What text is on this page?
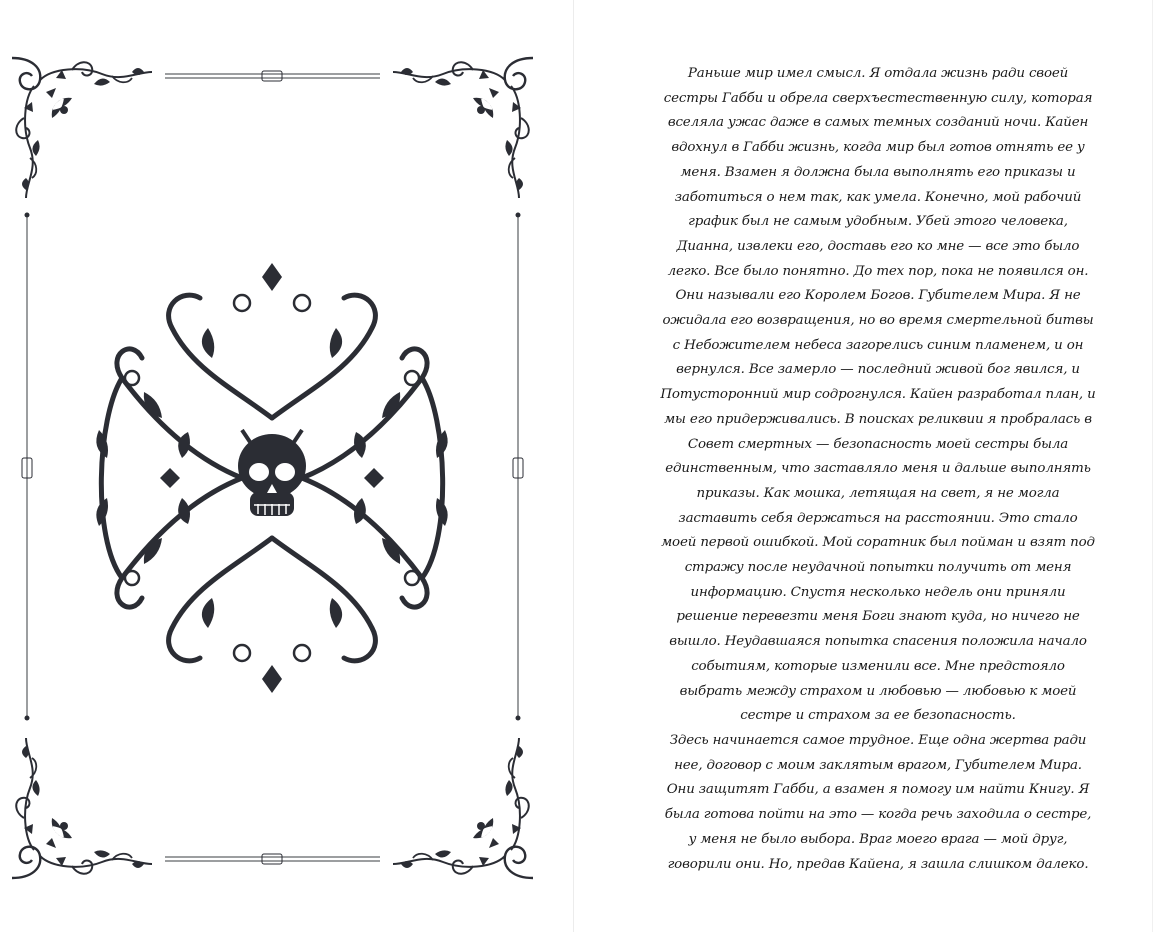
Раньше мир имел смысл. Я отдала жизнь ради своей сестры Габби и обрела сверхъестественную силу, которая вселяла ужас даже в самых темных созданий ночи. Кайен вдохнул в Габби жизнь, когда мир был готов отнять ее у меня. Взамен я должна была выполнять его приказы и заботиться о нем так, как умела. Конечно, мой рабочий график был не самым удобным. Убей этого человека, Дианна, извлеки его, доставь его ко мне — все это было легко. Все было понятно. До тех пор, пока не появился он.

Они называли его Королем Богов. Губителем Мира. Я не ожидала его возвращения, но во время смертельной битвы с Небожителем небеса загорелись синим пламенем, и он вернулся. Все замерло — последний живой бог явился, и Потусторонний мир содрогнулся. Кайен разработал план, и мы его придерживались. В поисках реликвии я пробралась в Совет смертных — безопасность моей сестры была единственным, что заставляло меня и дальше выполнять приказы. Как мошка, летящая на свет, я не могла заставить себя держаться на расстоянии. Это стало моей первой ошибкой. Мой соратник был пойман и взят под стражу после неудачной попытки получить от меня информацию. Спустя несколько недель они приняли решение перевезти меня Боги знают куда, но ничего не вышло. Неудавшаяся попытка спасения положила начало событиям, которые изменили все. Мне предстояло выбрать между страхом и любовью — любовью к моей сестре и страхом за ее безопасность.

Здесь начинается самое трудное. Еще одна жертва ради нее, договор с моим заклятым врагом, Губителем Мира. Они защитят Габби, а взамен я помогу им найти Книгу. Я была готова пойти на это — когда речь заходила о сестре, у меня не было выбора. Враг моего врага — мой друг, говорили они. Но, предав Кайена, я зашла слишком далеко.
